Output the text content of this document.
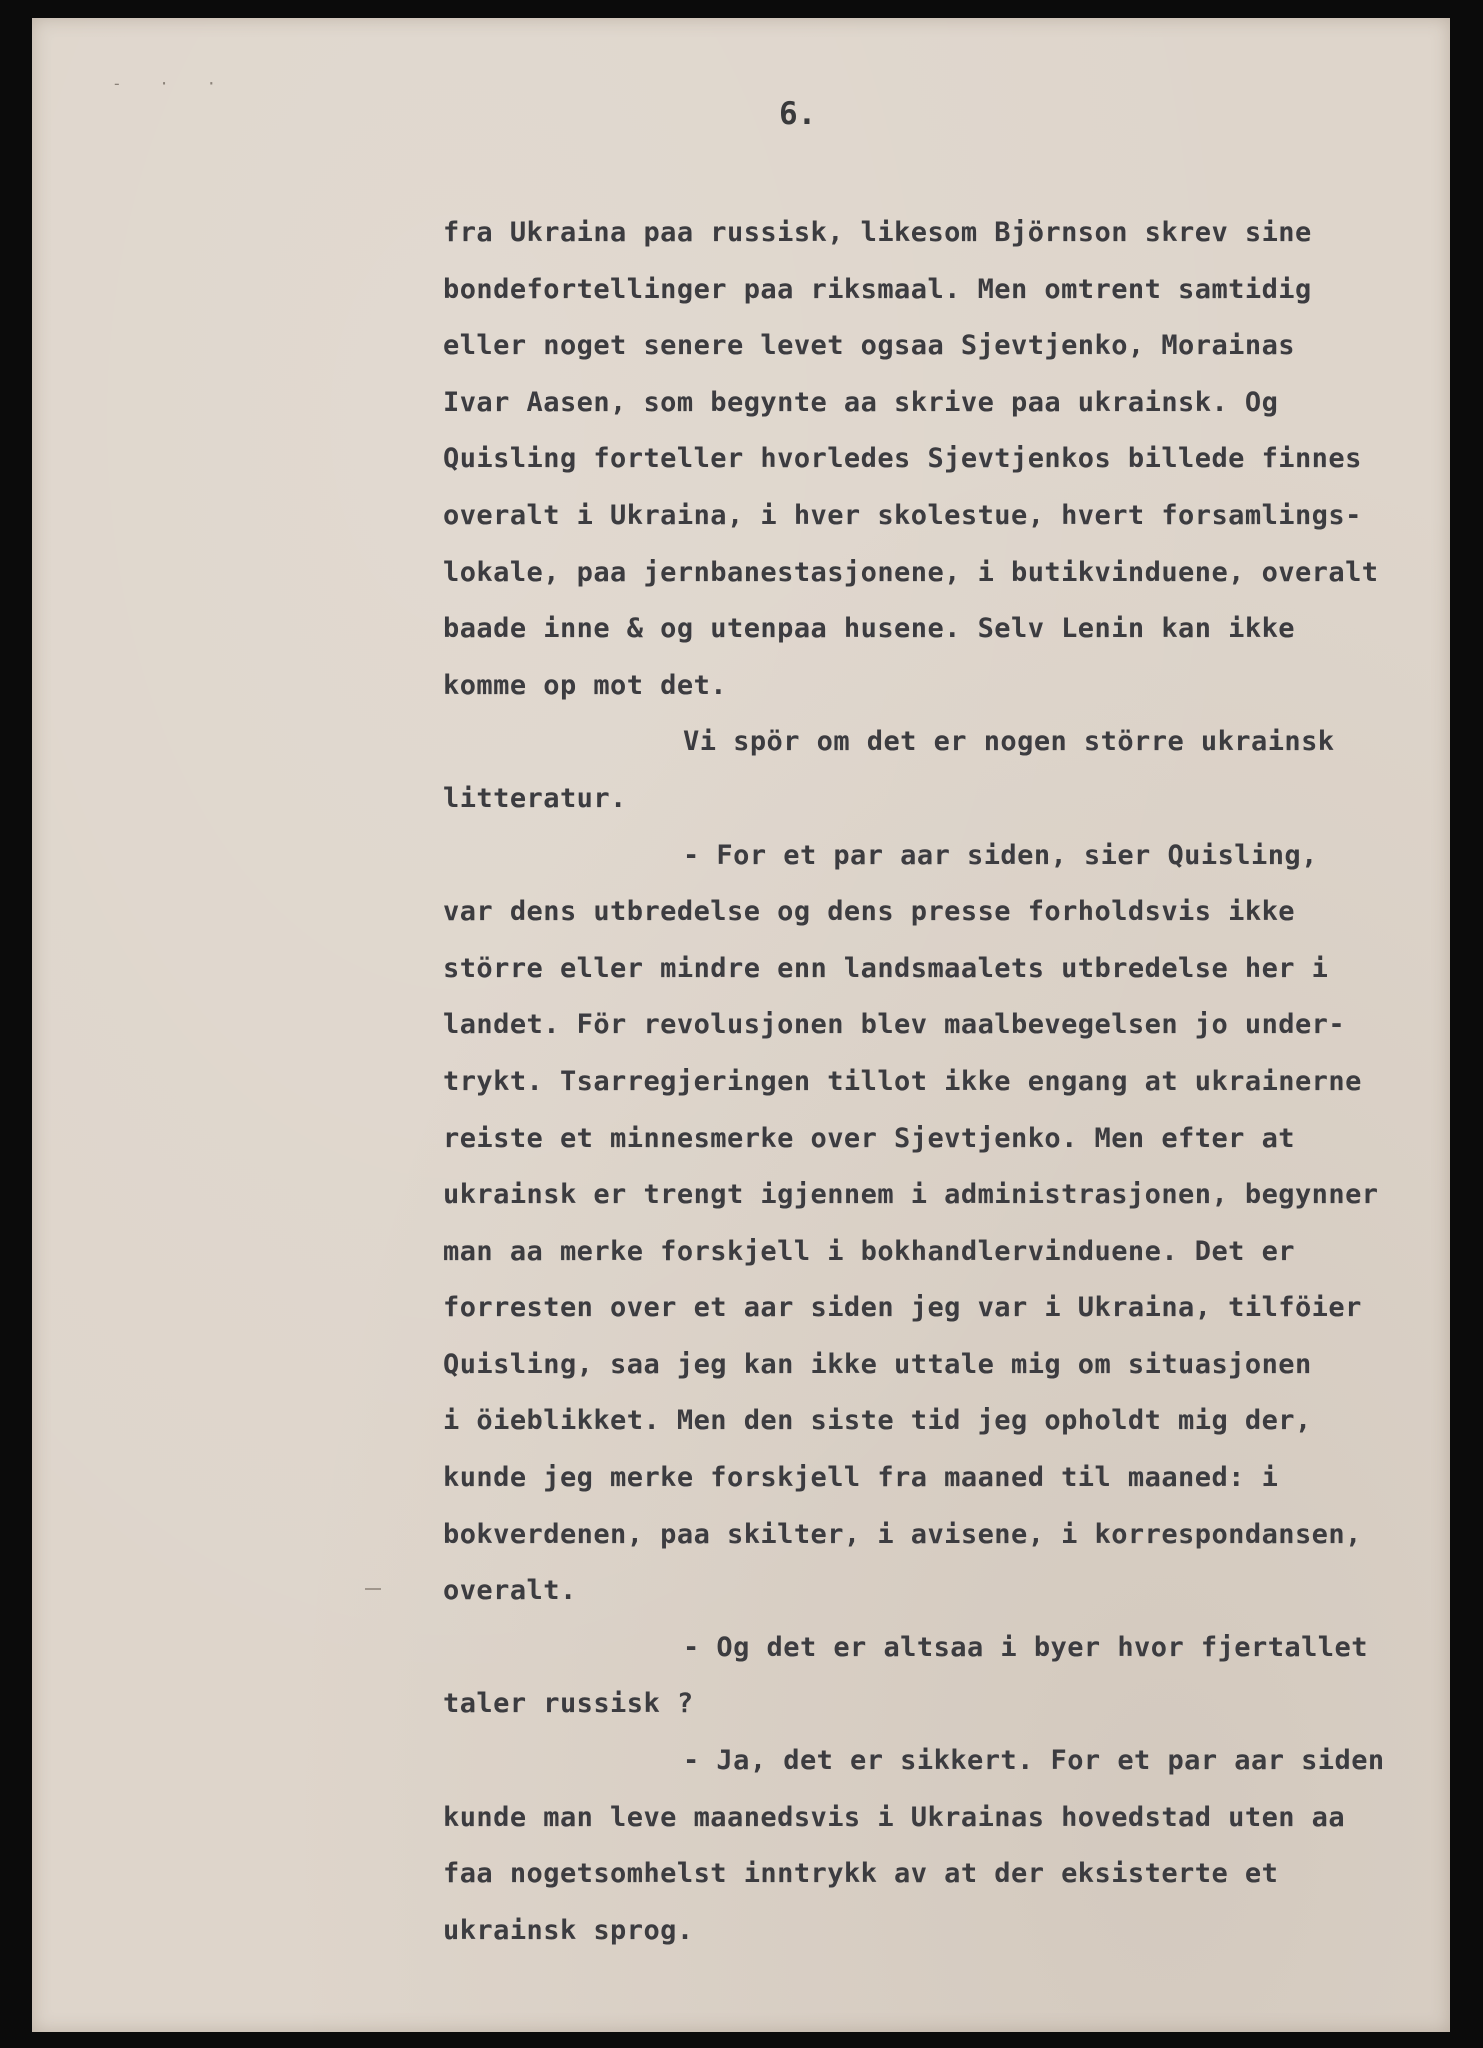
- · ·
6.
fra Ukraina paa russisk, likesom Björnson skrev sine
bondefortellinger paa riksmaal. Men omtrent samtidig
eller noget senere levet ogsaa Sjevtjenko, Morainas
Ivar Aasen, som begynte aa skrive paa ukrainsk. Og
Quisling forteller hvorledes Sjevtjenkos billede finnes
overalt i Ukraina, i hver skolestue, hvert forsamlings-
lokale, paa jernbanestasjonene, i butikvinduene, overalt
baade inne & og utenpaa husene. Selv Lenin kan ikke
komme op mot det.
Vi spör om det er nogen större ukrainsk
litteratur.
- For et par aar siden, sier Quisling,
var dens utbredelse og dens presse forholdsvis ikke
större eller mindre enn landsmaalets utbredelse her i
landet. För revolusjonen blev maalbevegelsen jo under-
trykt. Tsarregjeringen tillot ikke engang at ukrainerne
reiste et minnesmerke over Sjevtjenko. Men efter at
ukrainsk er trengt igjennem i administrasjonen, begynner
man aa merke forskjell i bokhandlervinduene. Det er
forresten over et aar siden jeg var i Ukraina, tilföier
Quisling, saa jeg kan ikke uttale mig om situasjonen
i öieblikket. Men den siste tid jeg opholdt mig der,
kunde jeg merke forskjell fra maaned til maaned: i
bokverdenen, paa skilter, i avisene, i korrespondansen,
overalt.
- Og det er altsaa i byer hvor fjertallet
taler russisk ?
- Ja, det er sikkert. For et par aar siden
kunde man leve maanedsvis i Ukrainas hovedstad uten aa
faa nogetsomhelst inntrykk av at der eksisterte et
ukrainsk sprog.
